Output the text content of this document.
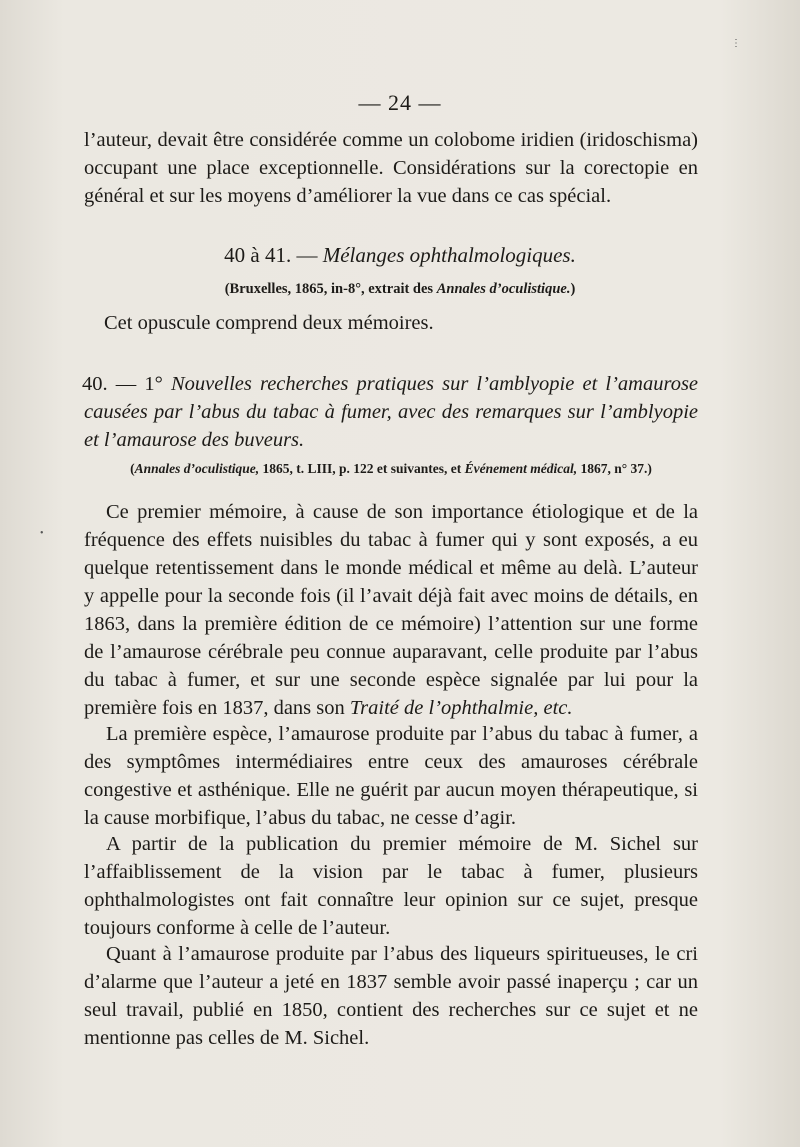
— 24 —
l’auteur, devait être considérée comme un colobome iridien (iridoschisma) occupant une place exceptionnelle. Considérations sur la corectopie en général et sur les moyens d’améliorer la vue dans ce cas spécial.
40 à 41. — Mélanges ophthalmologiques.
(Bruxelles, 1865, in-8°, extrait des Annales d’oculistique.)
Cet opuscule comprend deux mémoires.
40. — 1° Nouvelles recherches pratiques sur l’amblyopie et l’amaurose causées par l’abus du tabac à fumer, avec des remarques sur l’amblyopie et l’amaurose des buveurs.
(Annales d’oculistique, 1865, t. LIII, p. 122 et suivantes, et Événement médical, 1867, n° 37.)
Ce premier mémoire, à cause de son importance étiologique et de la fréquence des effets nuisibles du tabac à fumer qui y sont exposés, a eu quelque retentissement dans le monde médical et même au delà. L’auteur y appelle pour la seconde fois (il l’avait déjà fait avec moins de détails, en 1863, dans la première édition de ce mémoire) l’attention sur une forme de l’amaurose cérébrale peu connue auparavant, celle produite par l’abus du tabac à fumer, et sur une seconde espèce signalée par lui pour la première fois en 1837, dans son Traité de l’ophthalmie, etc.
La première espèce, l’amaurose produite par l’abus du tabac à fumer, a des symptômes intermédiaires entre ceux des amauroses cérébrale congestive et asthénique. Elle ne guérit par aucun moyen thérapeutique, si la cause morbifique, l’abus du tabac, ne cesse d’agir.
A partir de la publication du premier mémoire de M. Sichel sur l’affaiblissement de la vision par le tabac à fumer, plusieurs ophthalmologistes ont fait connaître leur opinion sur ce sujet, presque toujours conforme à celle de l’auteur.
Quant à l’amaurose produite par l’abus des liqueurs spiritueuses, le cri d’alarme que l’auteur a jeté en 1837 semble avoir passé inaperçu ; car un seul travail, publié en 1850, contient des recherches sur ce sujet et ne mentionne pas celles de M. Sichel.
⋮
•
